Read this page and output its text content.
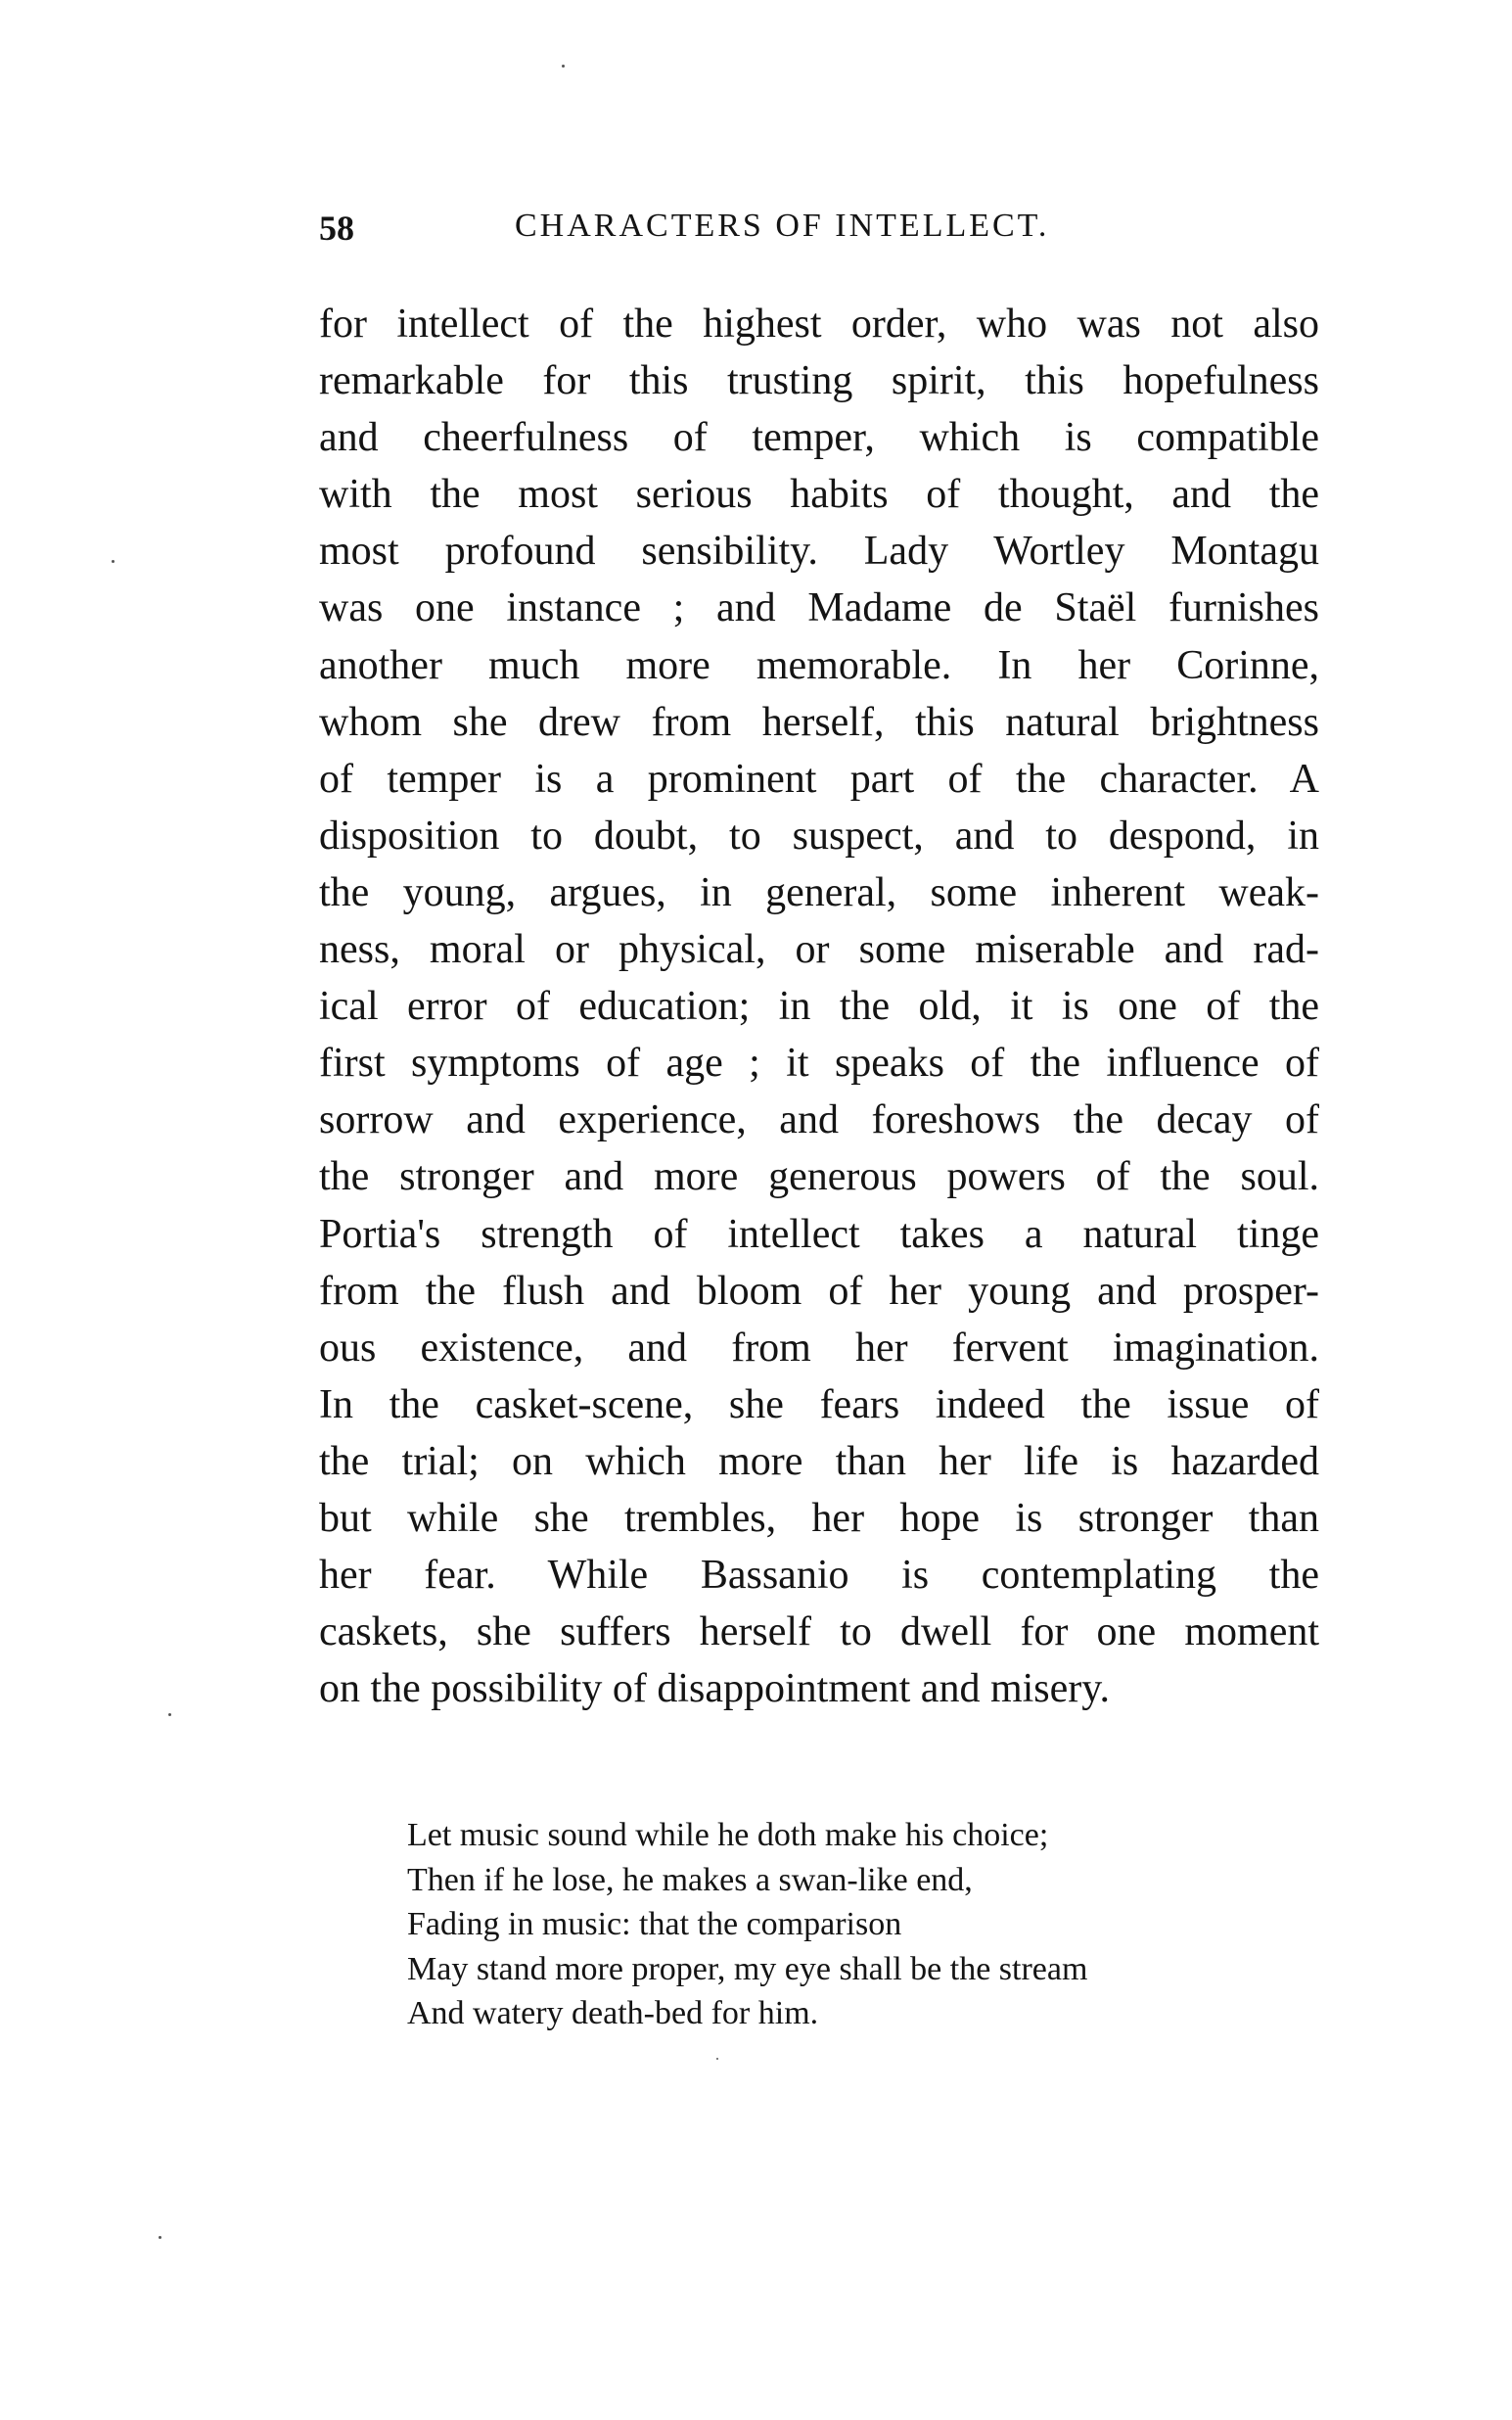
58	CHARACTERS OF INTELLECT.
for intellect of the highest order, who was not also
remarkable for this trusting spirit, this hopefulness
and cheerfulness of temper, which is compatible
with the most serious habits of thought, and the
most profound sensibility. Lady Wortley Montagu
was one instance ; and Madame de Staël furnishes
another much more memorable. In her Corinne,
whom she drew from herself, this natural brightness
of temper is a prominent part of the character. A
disposition to doubt, to suspect, and to despond, in
the young, argues, in general, some inherent weak-
ness, moral or physical, or some miserable and rad-
ical error of education; in the old, it is one of the
first symptoms of age ; it speaks of the influence of
sorrow and experience, and foreshows the decay of
the stronger and more generous powers of the soul.
Portia's strength of intellect takes a natural tinge
from the flush and bloom of her young and prosper-
ous existence, and from her fervent imagination.
In the casket-scene, she fears indeed the issue of
the trial; on which more than her life is hazarded
but while she trembles, her hope is stronger than
her fear. While Bassanio is contemplating the
caskets, she suffers herself to dwell for one moment
on the possibility of disappointment and misery.
Let music sound while he doth make his choice;
Then if he lose, he makes a swan-like end,
Fading in music: that the comparison
May stand more proper, my eye shall be the stream
And watery death-bed for him.
